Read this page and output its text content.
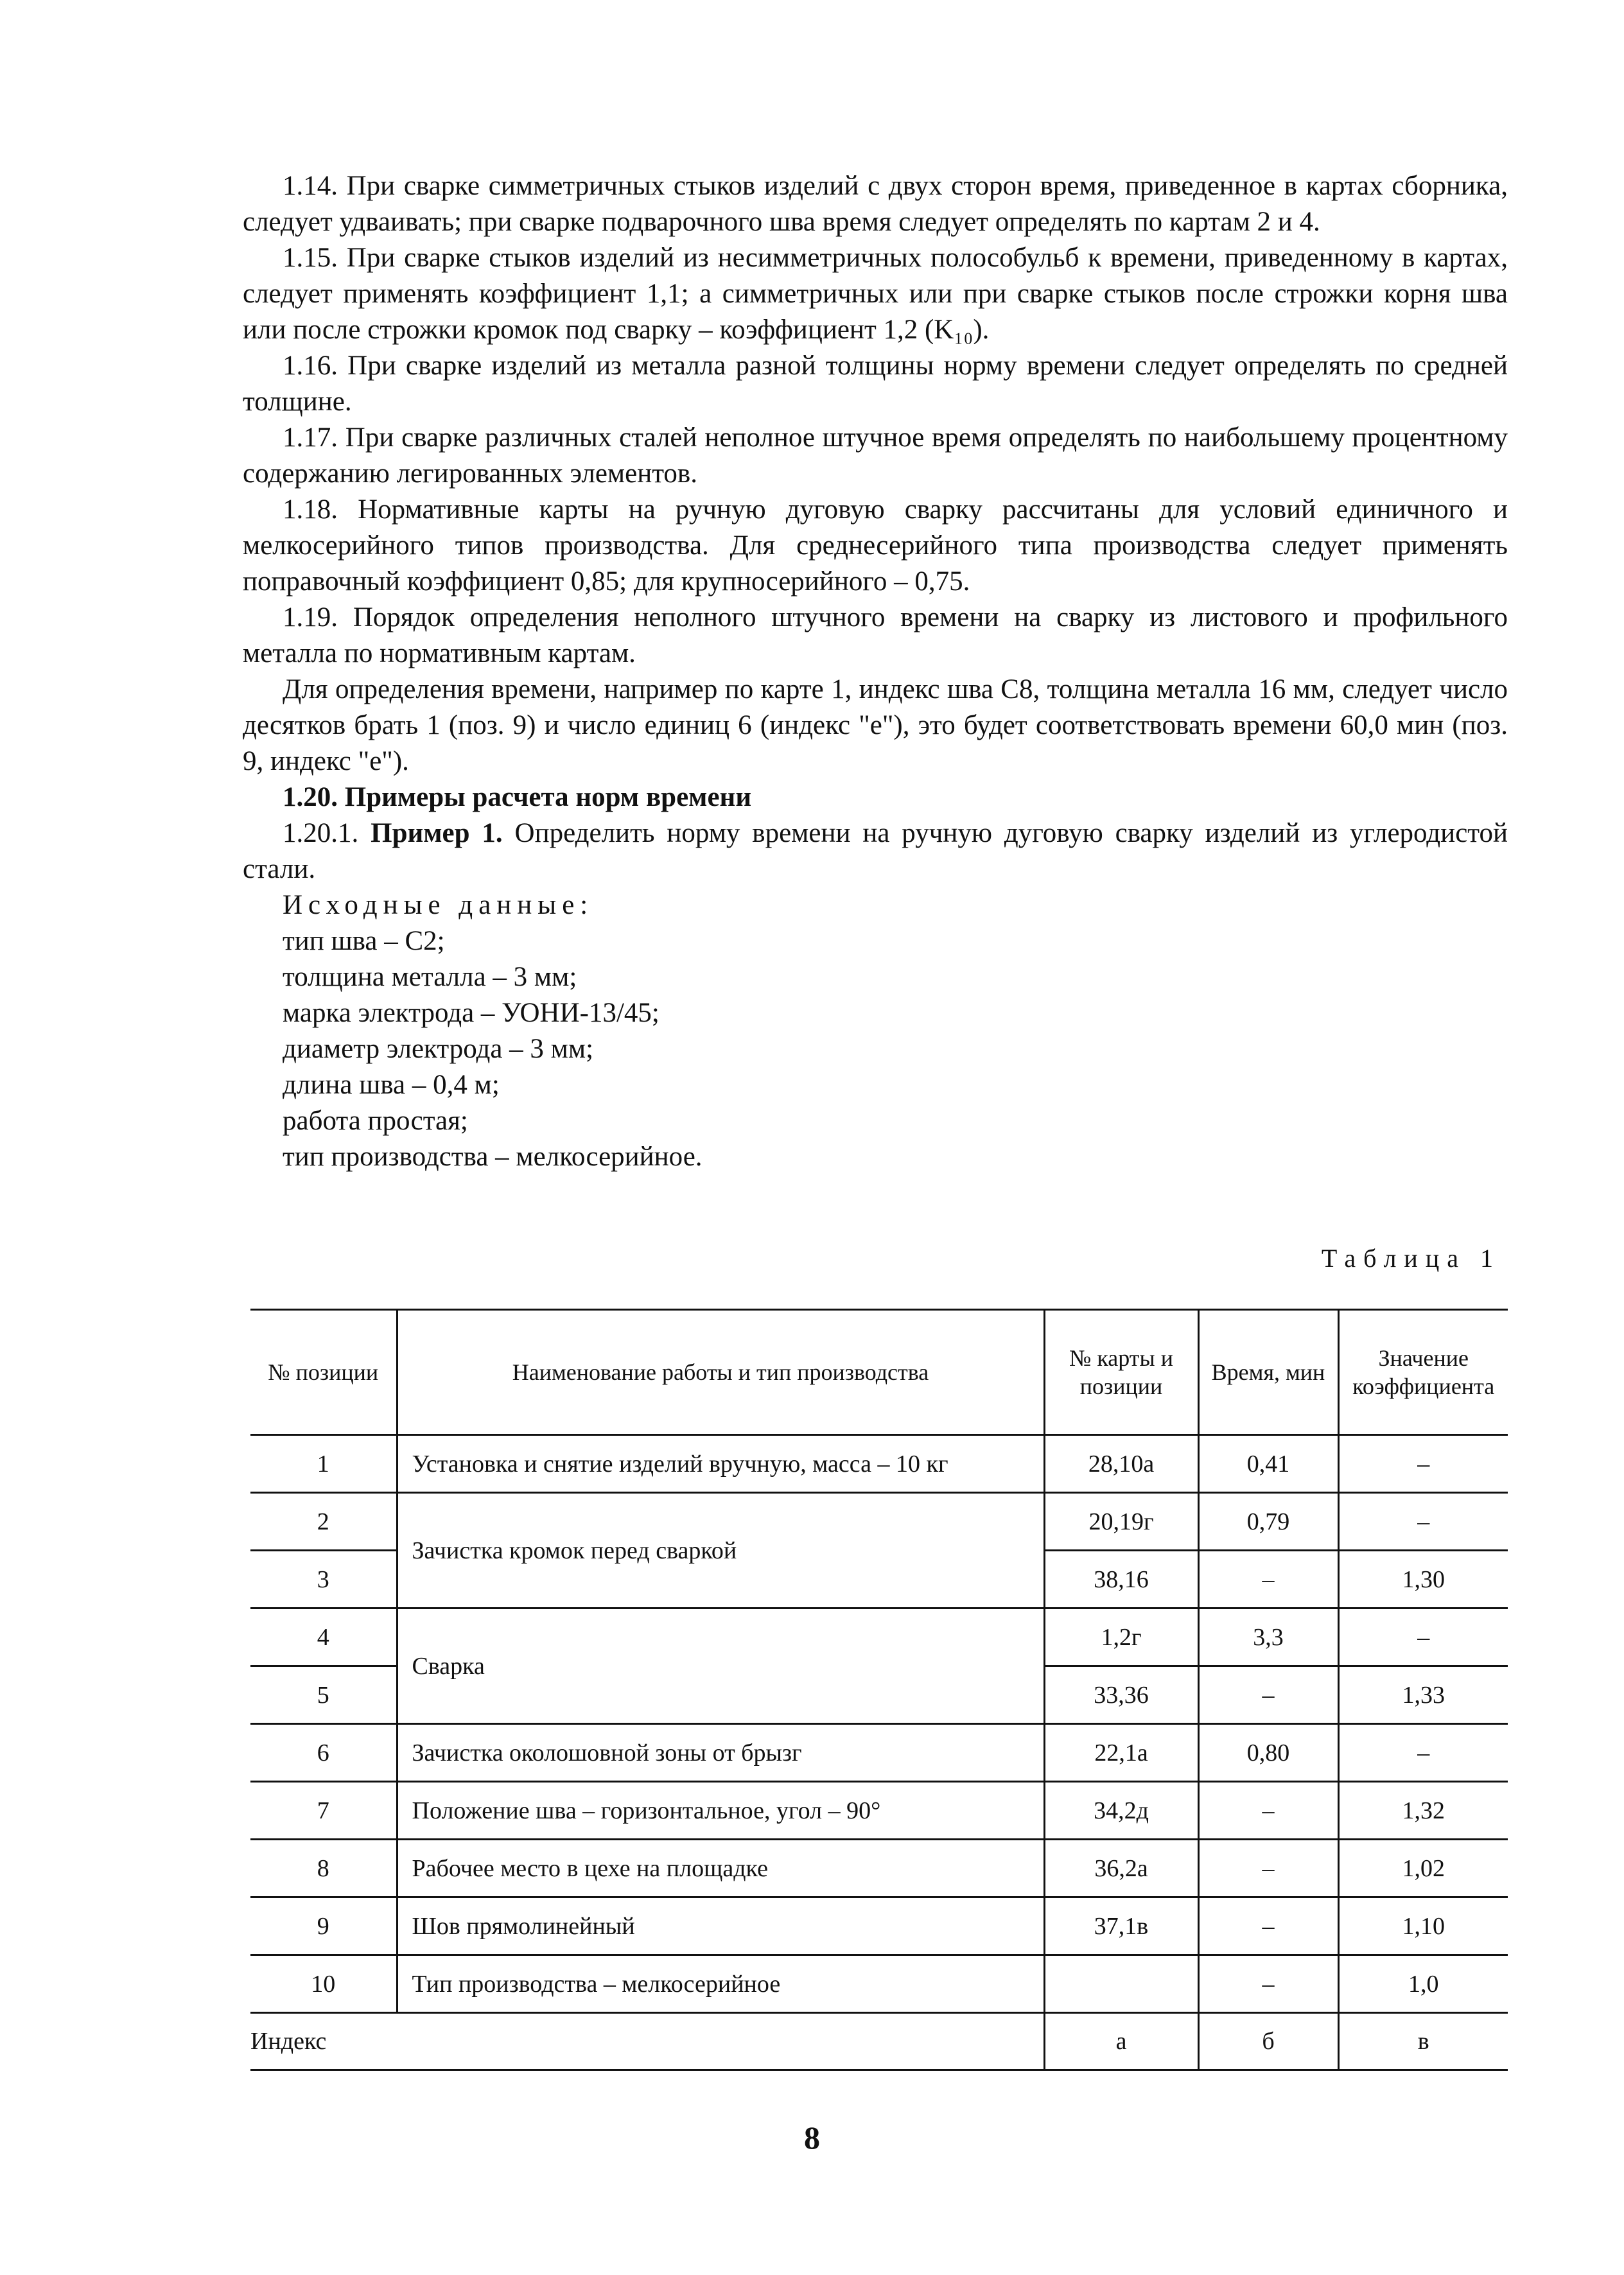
1.14. При сварке симметричных стыков изделий с двух сторон время, приведенное в картах сборника, следует удваивать; при сварке подварочного шва время следует определять по картам 2 и 4.

1.15. При сварке стыков изделий из несимметричных полособульб к времени, приведенному в картах, следует применять коэффициент 1,1; а симметричных или при сварке стыков после строжки корня шва или после строжки кромок под сварку – коэффициент 1,2 (K₁₀).

1.16. При сварке изделий из металла разной толщины норму времени следует определять по средней толщине.

1.17. При сварке различных сталей неполное штучное время определять по наибольшему процентному содержанию легированных элементов.

1.18. Нормативные карты на ручную дуговую сварку рассчитаны для условий единичного и мелкосерийного типов производства. Для среднесерийного типа производства следует применять поправочный коэффициент 0,85; для крупносерийного – 0,75.

1.19. Порядок определения неполного штучного времени на сварку из листового и профильного металла по нормативным картам.

Для определения времени, например по карте 1, индекс шва С8, толщина металла 16 мм, следует число десятков брать 1 (поз. 9) и число единиц 6 (индекс "е"), это будет соответствовать времени 60,0 мин (поз. 9, индекс "е").

1.20. Примеры расчета норм времени

1.20.1. Пример 1. Определить норму времени на ручную дуговую сварку изделий из углеродистой стали.

Исходные данные:

тип шва – С2;
толщина металла – 3 мм;
марка электрода – УОНИ-13/45;
диаметр электрода – 3 мм;
длина шва – 0,4 м;
работа простая;
тип производства – мелкосерийное.
Таблица 1
№ позиции	Наименование работы и тип производства	№ карты и позиции	Время, мин	Значение коэффициента
1	Установка и снятие изделий вручную, масса – 10 кг	28,10а	0,41	–
2	Зачистка кромок перед сваркой	20,19г	0,79	–
3		38,16	–	1,30
4	Сварка	1,2г	3,3	–
5		33,36	–	1,33
6	Зачистка околошовной зоны от брызг	22,1а	0,80	–
7	Положение шва – горизонтальное, угол – 90°	34,2д	–	1,32
8	Рабочее место в цехе на площадке	36,2а	–	1,02
9	Шов прямолинейный	37,1в	–	1,10
10	Тип производства – мелкосерийное		–	1,0
Индекс		а	б	в
8
